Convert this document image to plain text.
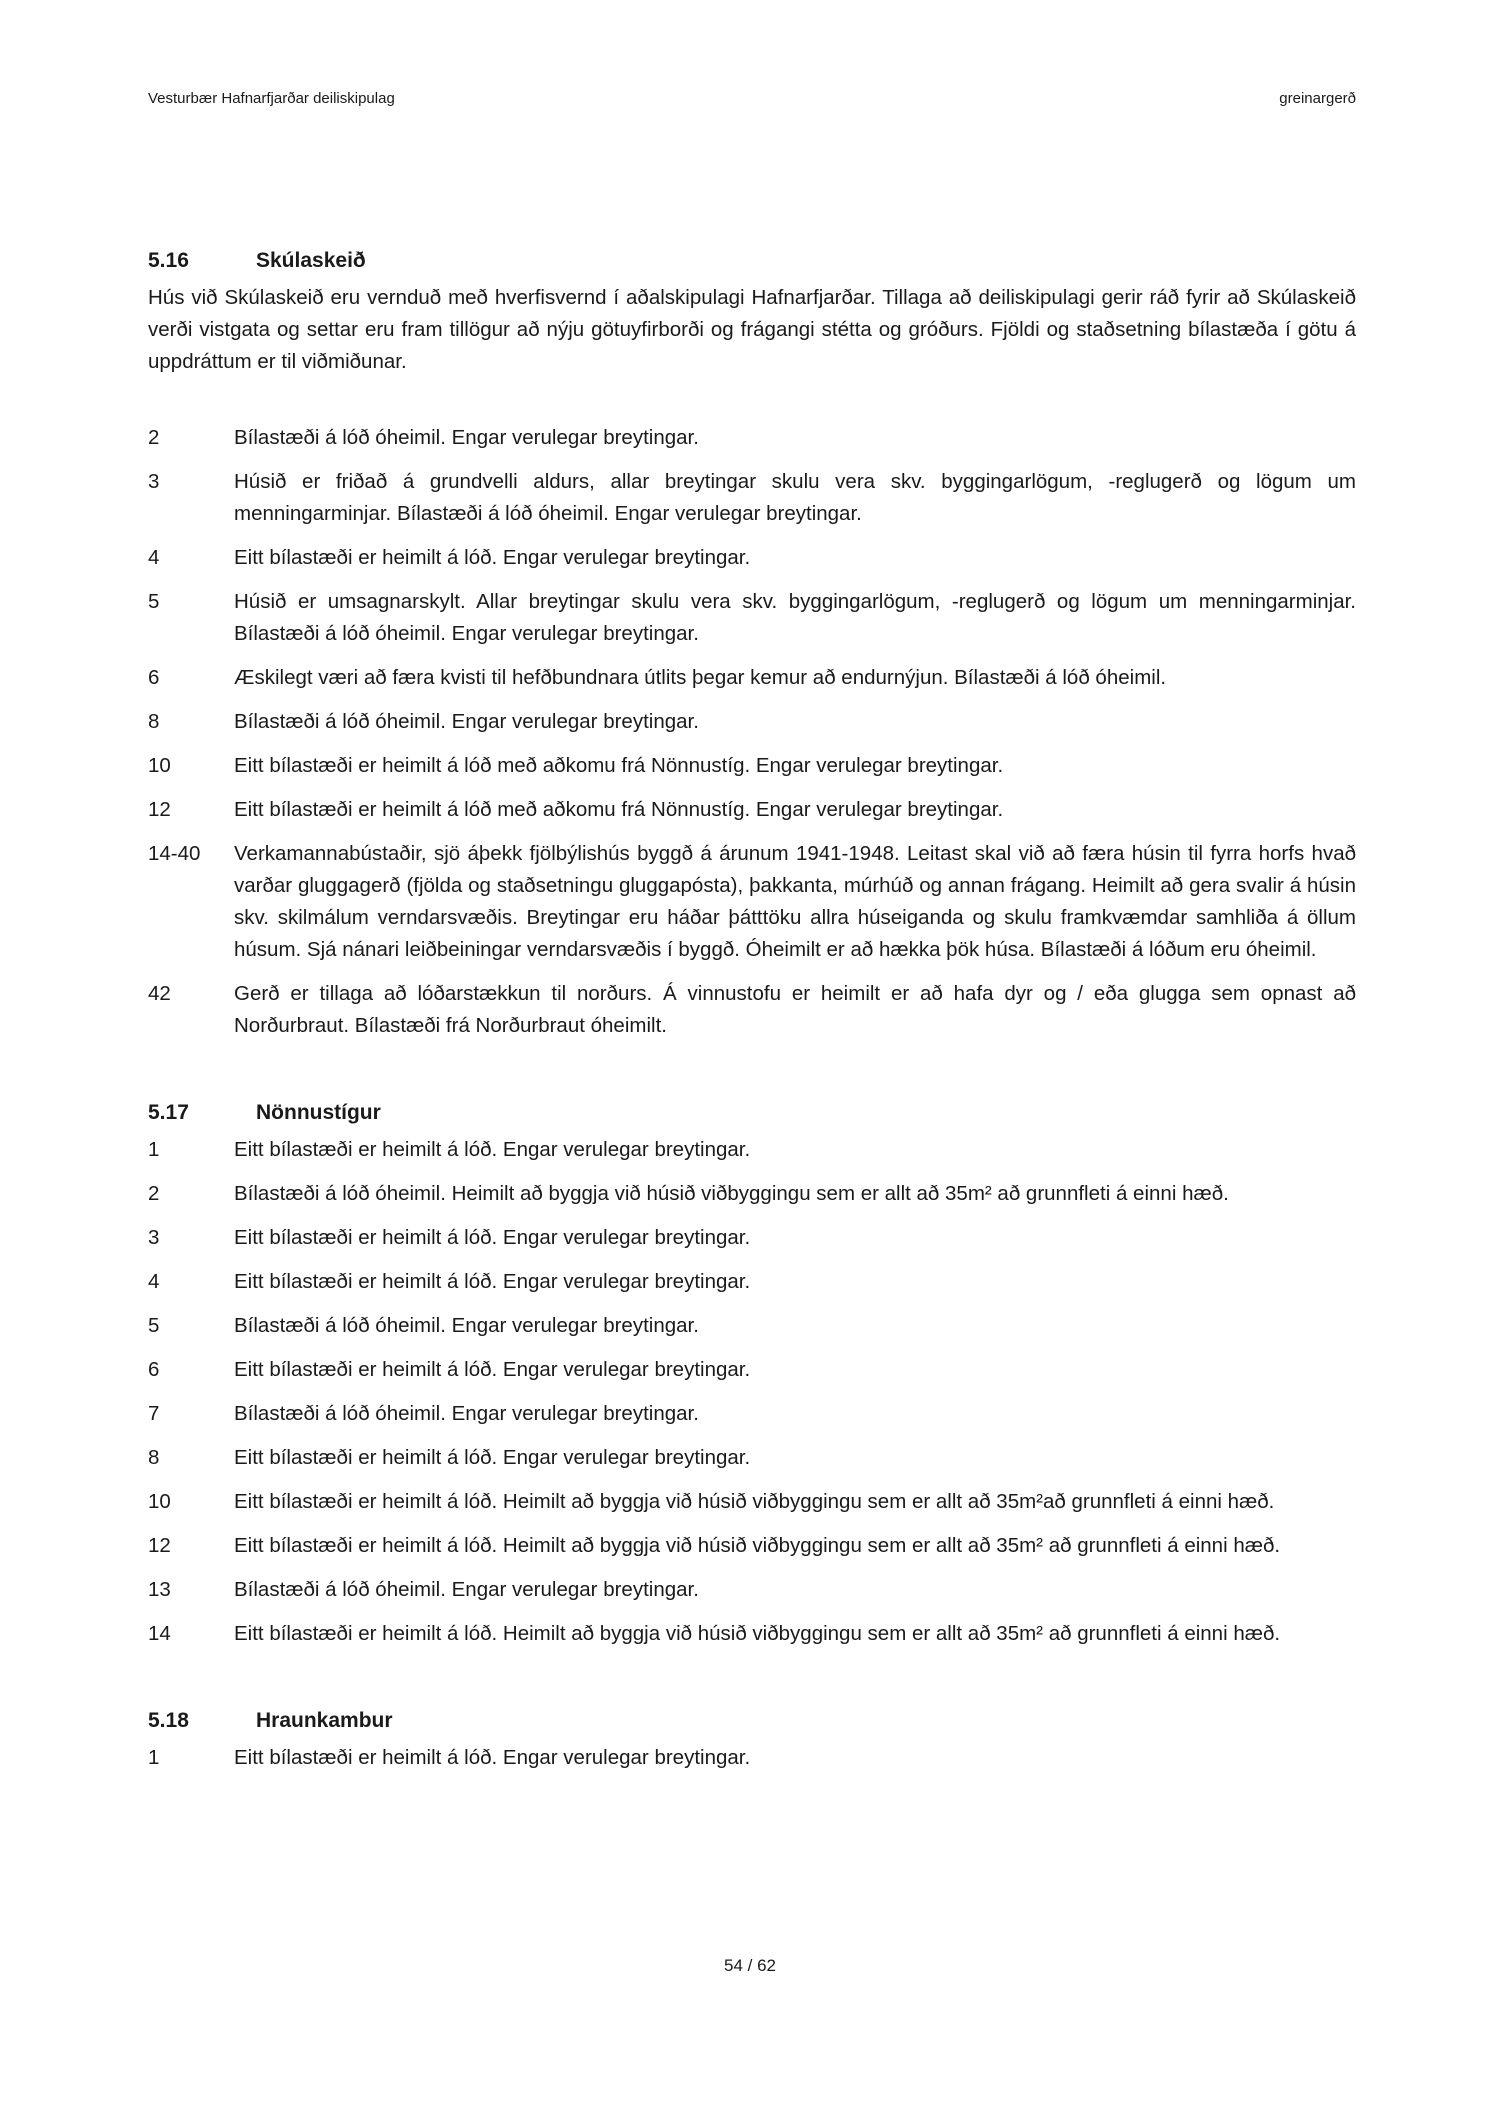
Vesturbær Hafnarfjarðar deiliskipulag	greinargerð
5.16	Skúlaskeið

Hús við Skúlaskeið eru vernduð með hverfisvernd í aðalskipulagi Hafnarfjarðar. Tillaga að deiliskipulagi gerir ráð fyrir að Skúlaskeið verði vistgata og settar eru fram tillögur að nýju götuyfirborði og frágangi stétta og gróðurs. Fjöldi og staðsetning bílastæða í götu á uppdráttum er til viðmiðunar.

2	Bílastæði á lóð óheimil. Engar verulegar breytingar.
3	Húsið er friðað á grundvelli aldurs, allar breytingar skulu vera skv. byggingarlögum, -reglugerð og lögum um menningarminjar. Bílastæði á lóð óheimil. Engar verulegar breytingar.
4	Eitt bílastæði er heimilt á lóð. Engar verulegar breytingar.
5	Húsið er umsagnarskylt. Allar breytingar skulu vera skv. byggingarlögum, -reglugerð og lögum um menningarminjar. Bílastæði á lóð óheimil. Engar verulegar breytingar.
6	Æskilegt væri að færa kvisti til hefðbundnara útlits þegar kemur að endurnýjun. Bílastæði á lóð óheimil.
8	Bílastæði á lóð óheimil. Engar verulegar breytingar.
10	Eitt bílastæði er heimilt á lóð með aðkomu frá Nönnustíg. Engar verulegar breytingar.
12	Eitt bílastæði er heimilt á lóð með aðkomu frá Nönnustíg. Engar verulegar breytingar.
14-40	Verkamannabústaðir, sjö áþekk fjölbýlishús byggð á árunum 1941-1948. Leitast skal við að færa húsin til fyrra horfs hvað varðar gluggagerð (fjölda og staðsetningu gluggapósta), þakkanta, múrhúð og annan frágang. Heimilt að gera svalir á húsin skv. skilmálum verndarsvæðis. Breytingar eru háðar þátttöku allra húseiganda og skulu framkvæmdar samhliða á öllum húsum. Sjá nánari leiðbeiningar verndarsvæðis í byggð. Óheimilt er að hækka þök húsa. Bílastæði á lóðum eru óheimil.
42	Gerð er tillaga að lóðarstækkun til norðurs. Á vinnustofu er heimilt er að hafa dyr og / eða glugga sem opnast að Norðurbraut. Bílastæði frá Norðurbraut óheimilt.
5.17	Nönnustígur
1	Eitt bílastæði er heimilt á lóð. Engar verulegar breytingar.
2	Bílastæði á lóð óheimil. Heimilt að byggja við húsið viðbyggingu sem er allt að 35m² að grunnfleti á einni hæð.
3	Eitt bílastæði er heimilt á lóð. Engar verulegar breytingar.
4	Eitt bílastæði er heimilt á lóð. Engar verulegar breytingar.
5	Bílastæði á lóð óheimil. Engar verulegar breytingar.
6	Eitt bílastæði er heimilt á lóð. Engar verulegar breytingar.
7	Bílastæði á lóð óheimil. Engar verulegar breytingar.
8	Eitt bílastæði er heimilt á lóð. Engar verulegar breytingar.
10	Eitt bílastæði er heimilt á lóð. Heimilt að byggja við húsið viðbyggingu sem er allt að 35m²að grunnfleti á einni hæð.
12	Eitt bílastæði er heimilt á lóð. Heimilt að byggja við húsið viðbyggingu sem er allt að 35m² að grunnfleti á einni hæð.
13	Bílastæði á lóð óheimil. Engar verulegar breytingar.
14	Eitt bílastæði er heimilt á lóð. Heimilt að byggja við húsið viðbyggingu sem er allt að 35m² að grunnfleti á einni hæð.
5.18	Hraunkambur
1	Eitt bílastæði er heimilt á lóð. Engar verulegar breytingar.
54 / 62
